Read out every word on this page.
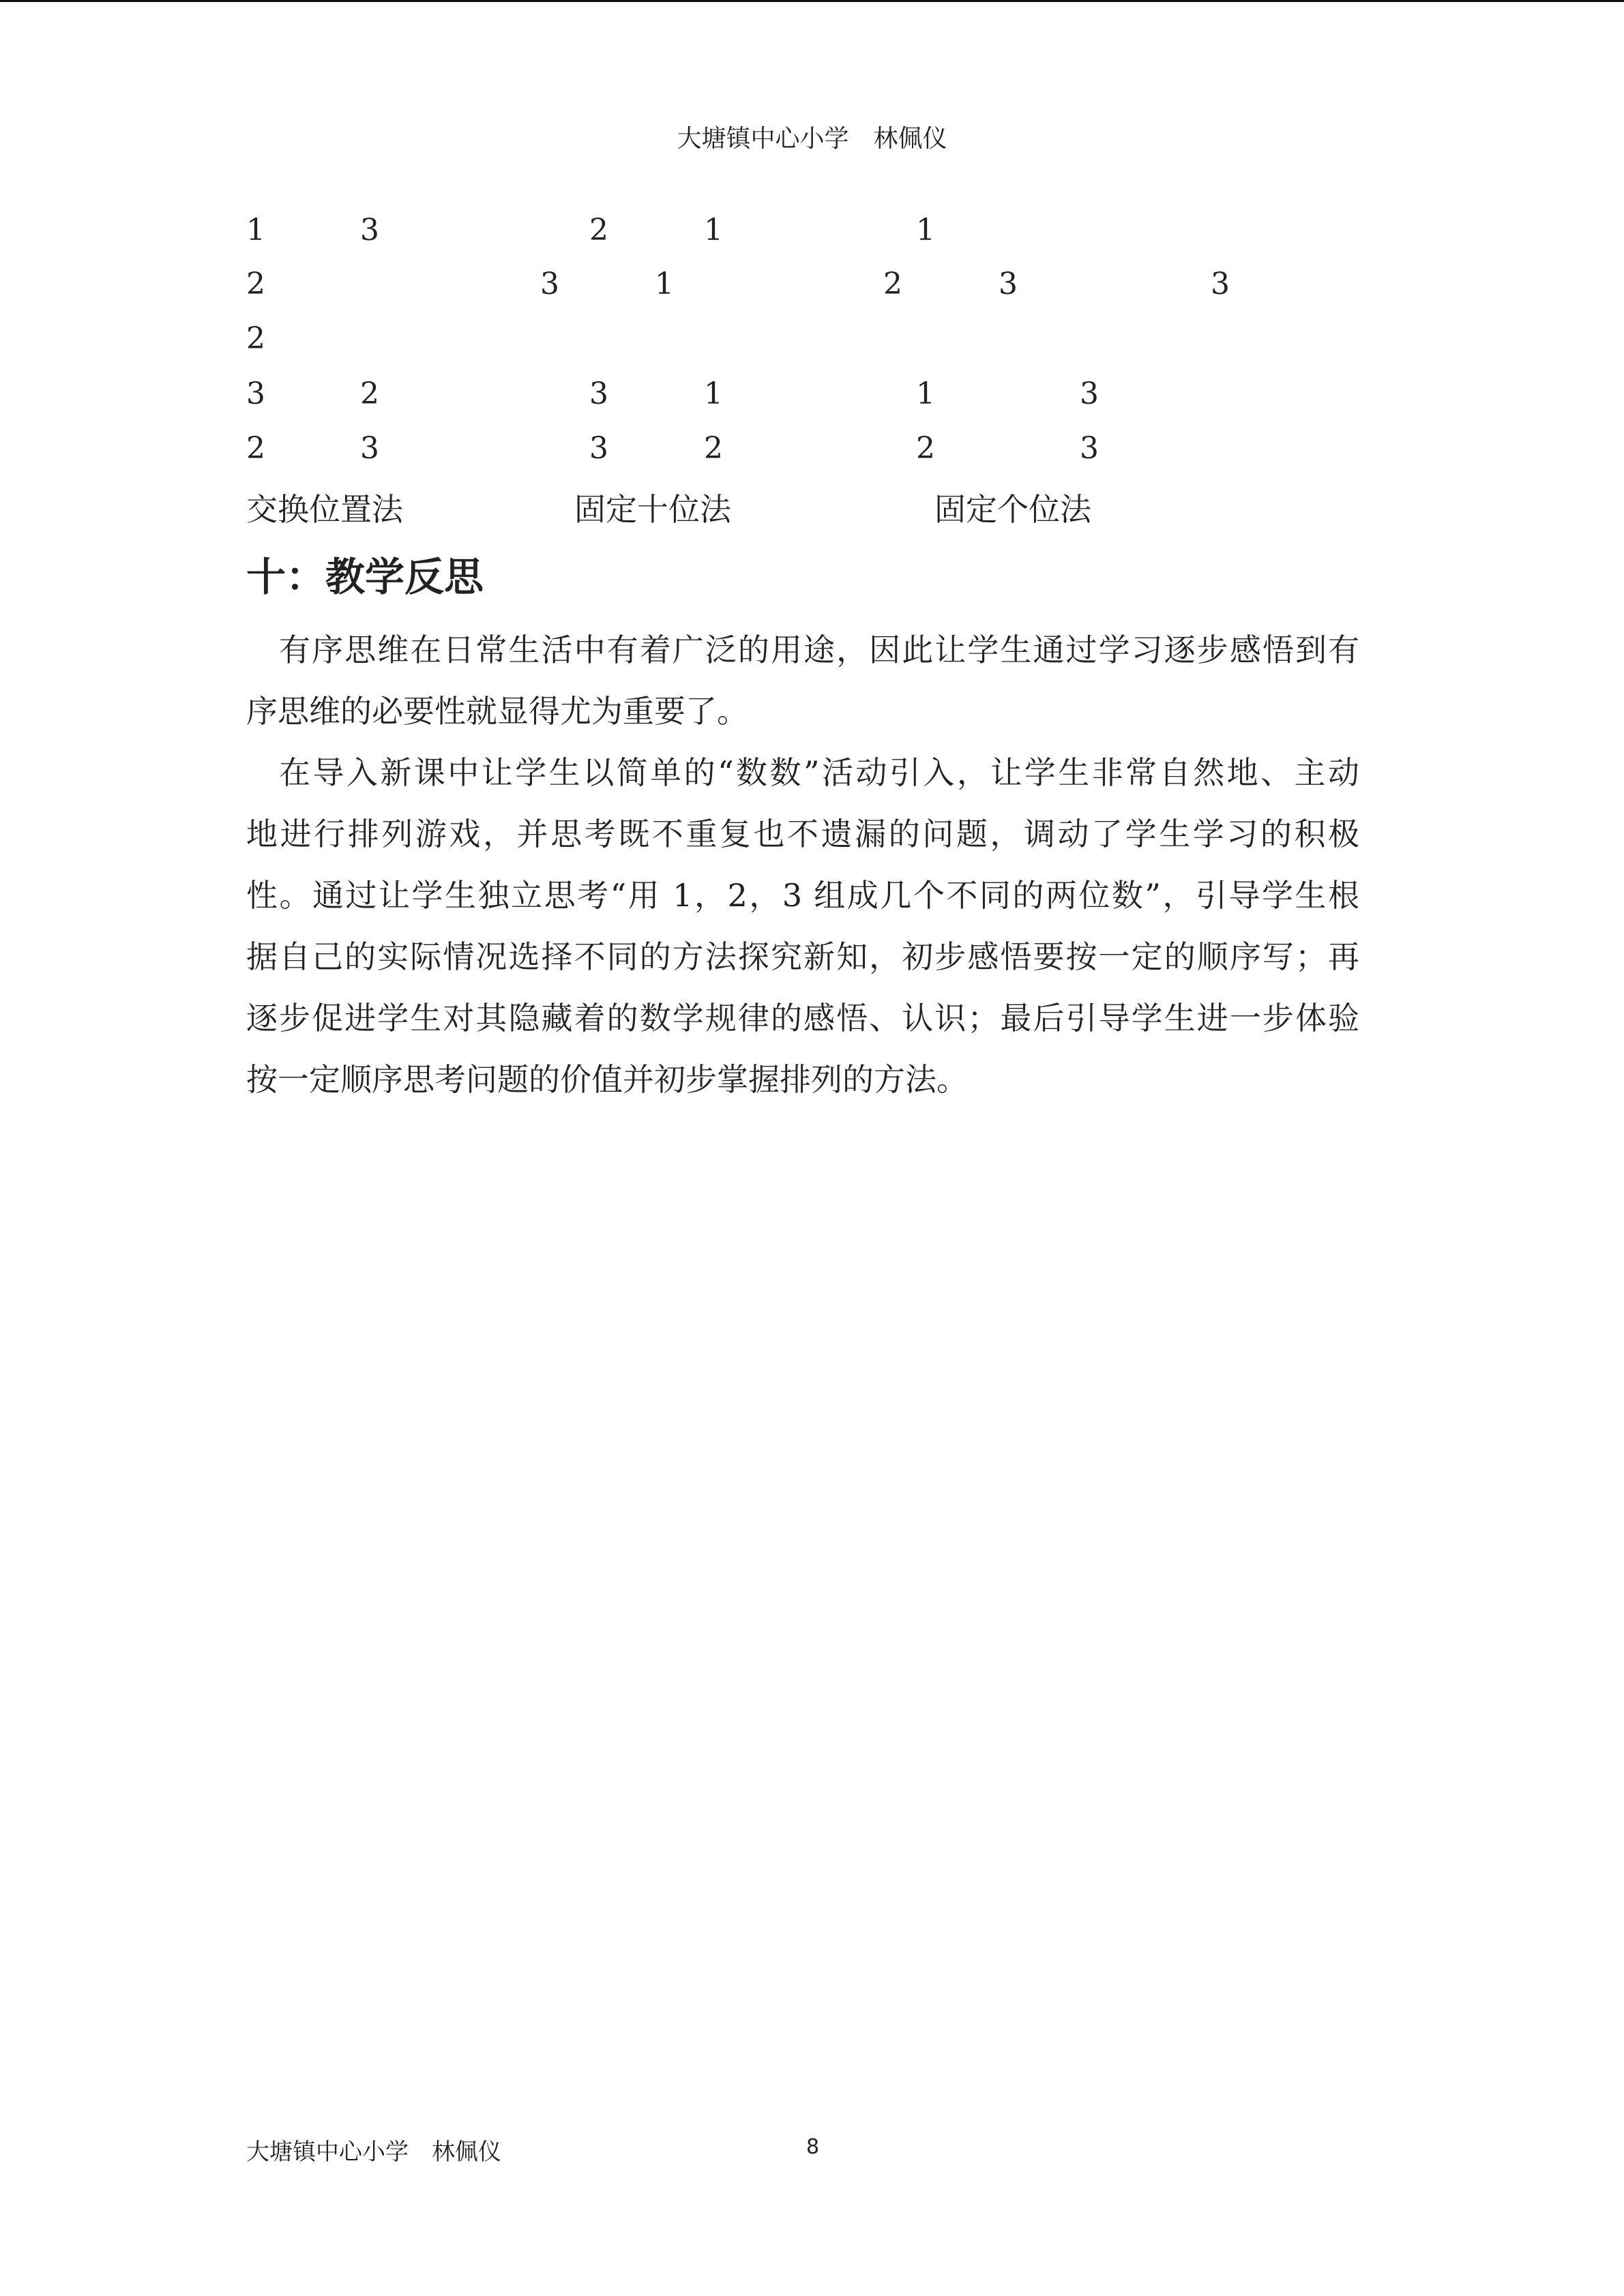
大塘镇中心小学　林佩仪
1	3	2	1	1
2	3	1	2	3	3
2
3	2	3	1	1	3
2	3	3	2	2	3
交换位置法	固定十位法	固定个位法
十：教学反思
有序思维在日常生活中有着广泛的用途，因此让学生通过学习逐步感悟到有
序思维的必要性就显得尤为重要了。
在导入新课中让学生以简单的“数数”活动引入，让学生非常自然地、主动
地进行排列游戏，并思考既不重复也不遗漏的问题，调动了学生学习的积极
性。通过让学生独立思考“用 1，2，3 组成几个不同的两位数”，引导学生根
据自己的实际情况选择不同的方法探究新知，初步感悟要按一定的顺序写；再
逐步促进学生对其隐藏着的数学规律的感悟、认识；最后引导学生进一步体验
按一定顺序思考问题的价值并初步掌握排列的方法。
大塘镇中心小学　林佩仪	8
